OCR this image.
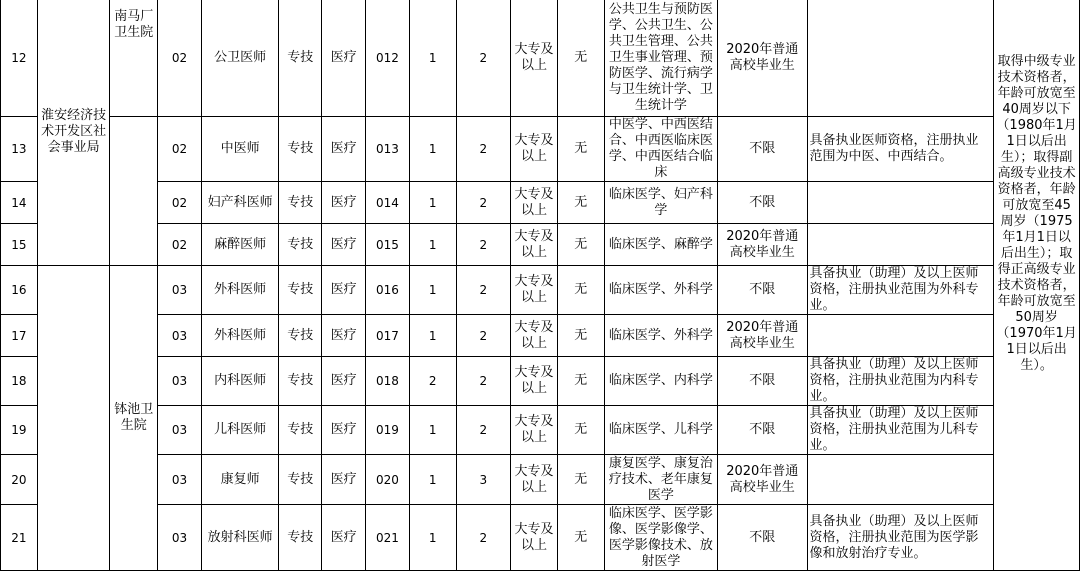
12	淮安经济技术开发区社会事业局	南马厂卫生院	02	公卫医师	专技	医疗	012	1	2	大专及以上	无	公共卫生与预防医学、公共卫生、公共卫生管理、公共卫生事业管理、预防医学、流行病学与卫生统计学、卫生统计学	2020年普通高校毕业生		取得中级专业技术资格者，年龄可放宽至40周岁以下（1980年1月1日以后出生）；取得副高级专业技术资格者，年龄可放宽至45周岁（1975年1月1日以后出生）；取得正高级专业技术资格者，年龄可放宽至50周岁（1970年1月1日以后出生）。
13			02	中医师	专技	医疗	013	1	2	大专及以上	无	中医学、中西医结合、中西医临床医学、中西医结合临床	不限	具备执业医师资格，注册执业范围为中医、中西结合。	
14			02	妇产科医师	专技	医疗	014	1	2	大专及以上	无	临床医学、妇产科学	不限		
15			02	麻醉医师	专技	医疗	015	1	2	大专及以上	无	临床医学、麻醉学	2020年普通高校毕业生		
16		钵池卫生院	03	外科医师	专技	医疗	016	1	2	大专及以上	无	临床医学、外科学	不限	具备执业（助理）及以上医师资格，注册执业范围为外科专业。	
17			03	外科医师	专技	医疗	017	1	2	大专及以上	无	临床医学、外科学	2020年普通高校毕业生		
18			03	内科医师	专技	医疗	018	2	2	大专及以上	无	临床医学、内科学	不限	具备执业（助理）及以上医师资格，注册执业范围为内科专业。	
19			03	儿科医师	专技	医疗	019	1	2	大专及以上	无	临床医学、儿科学	不限	具备执业（助理）及以上医师资格，注册执业范围为儿科专业。	
20			03	康复师	专技	医疗	020	1	3	大专及以上	无	康复医学、康复治疗技术、老年康复医学	2020年普通高校毕业生		
21			03	放射科医师	专技	医疗	021	1	2	大专及以上	无	临床医学、医学影像、医学影像学、医学影像技术、放射医学	不限	具备执业（助理）及以上医师资格，注册执业范围为医学影像和放射治疗专业。	
